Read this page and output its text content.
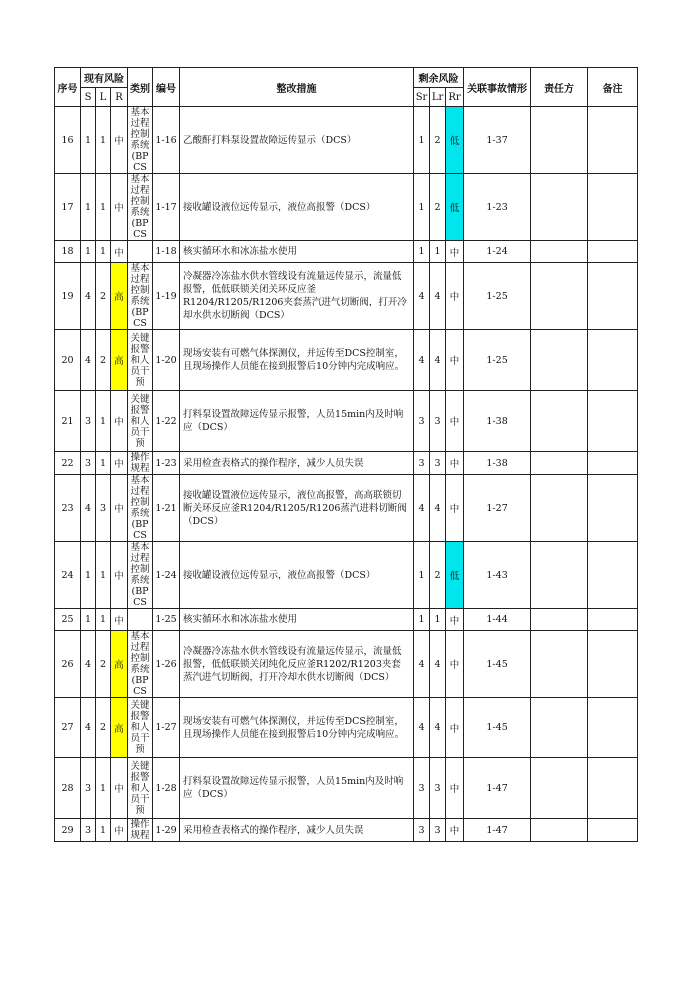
序号	现有风险			类别	编号	整改措施	剩余风险			关联事故情形	责任方	备注
	S	L	R				Sr	Lr	Rr			
16	1	1	中	基本过程控制系统(BPCS	1-16	乙酸酐打料泵设置故障远传显示（DCS）	1	2	低	1-37		
17	1	1	中	基本过程控制系统(BPCS	1-17	接收罐设液位远传显示，液位高报警（DCS）	1	2	低	1-23		
18	1	1	中		1-18	核实循环水和冰冻盐水使用	1	1	中	1-24		
19	4	2	高	基本过程控制系统(BPCS	1-19	冷凝器冷冻盐水供水管线设有流量远传显示，流量低报警，低低联锁关闭关环反应釜R1204/R1205/R1206夹套蒸汽进气切断阀，打开冷却水供水切断阀（DCS）	4	4	中	1-25		
20	4	2	高	关键报警和人员干预	1-20	现场安装有可燃气体探测仪，并远传至DCS控制室，且现场操作人员能在接到报警后10分钟内完成响应。	4	4	中	1-25		
21	3	1	中	关键报警和人员干预	1-22	打料泵设置故障远传显示报警，人员15min内及时响应（DCS）	3	3	中	1-38		
22	3	1	中	操作规程	1-23	采用检查表格式的操作程序，减少人员失误	3	3	中	1-38		
23	4	3	中	基本过程控制系统(BPCS	1-21	接收罐设置液位远传显示，液位高报警，高高联锁切断关环反应釜R1204/R1205/R1206蒸汽进料切断阀（DCS）	4	4	中	1-27		
24	1	1	中	基本过程控制系统(BPCS	1-24	接收罐设液位远传显示，液位高报警（DCS）	1	2	低	1-43		
25	1	1	中		1-25	核实循环水和冰冻盐水使用	1	1	中	1-44		
26	4	2	高	基本过程控制系统(BPCS	1-26	冷凝器冷冻盐水供水管线设有流量远传显示，流量低报警，低低联锁关闭纯化反应釜R1202/R1203夹套蒸汽进气切断阀，打开冷却水供水切断阀（DCS）	4	4	中	1-45		
27	4	2	高	关键报警和人员干预	1-27	现场安装有可燃气体探测仪，并远传至DCS控制室，且现场操作人员能在接到报警后10分钟内完成响应。	4	4	中	1-45		
28	3	1	中	关键报警和人员干预	1-28	打料泵设置故障远传显示报警，人员15min内及时响应（DCS）	3	3	中	1-47		
29	3	1	中	操作规程	1-29	采用检查表格式的操作程序，减少人员失误	3	3	中	1-47		
